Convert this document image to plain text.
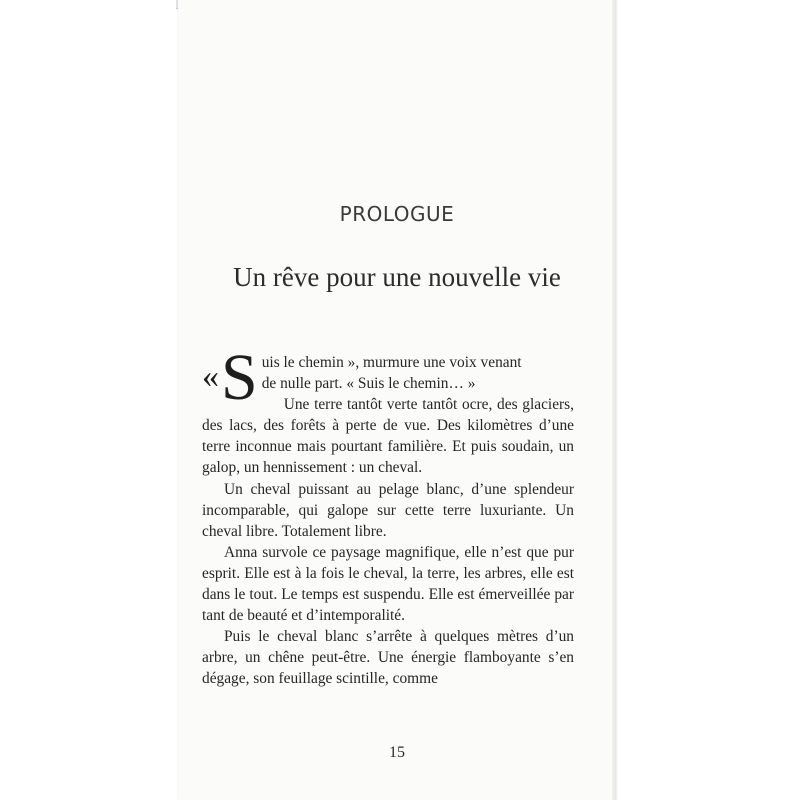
PROLOGUE
Un rêve pour une nouvelle vie
« S uis le chemin », murmure une voix venant

de nulle part. « Suis le chemin… »

Une terre tantôt verte tantôt ocre, des glaciers, des lacs, des forêts à perte de vue. Des kilomètres d’une terre inconnue mais pourtant familière. Et puis soudain, un galop, un hennissement : un cheval.

Un cheval puissant au pelage blanc, d’une splendeur incomparable, qui galope sur cette terre luxuriante. Un cheval libre. Totalement libre.

Anna survole ce paysage magnifique, elle n’est que pur esprit. Elle est à la fois le cheval, la terre, les arbres, elle est dans le tout. Le temps est suspendu. Elle est émerveillée par tant de beauté et d’intemporalité.

Puis le cheval blanc s’arrête à quelques mètres d’un arbre, un chêne peut-être. Une énergie flamboyante s’en dégage, son feuillage scintille, comme

15
